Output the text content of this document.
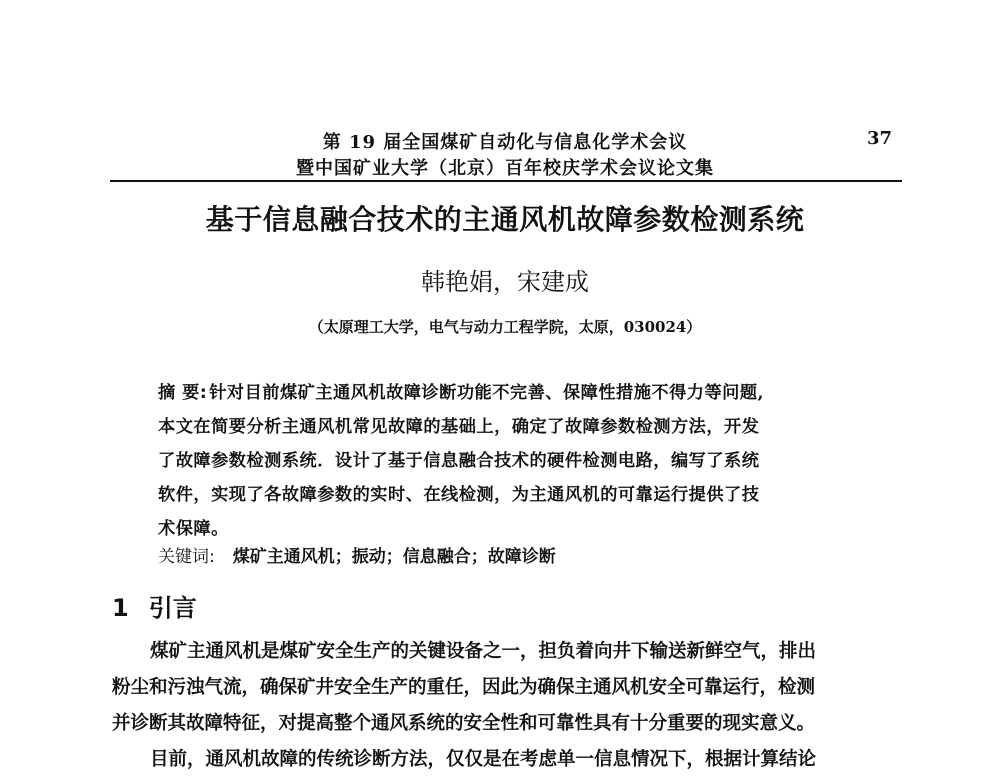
第 19 届全国煤矿自动化与信息化学术会议
暨中国矿业大学（北京）百年校庆学术会议论文集
37
基于信息融合技术的主通风机故障参数检测系统
韩艳娟，宋建成
（太原理工大学，电气与动力工程学院，太原，030024）
摘 要: 针对目前煤矿主通风机故障诊断功能不完善、保障性措施不得力等问题,
本文在简要分析主通风机常见故障的基础上，确定了故障参数检测方法，开发
了故障参数检测系统．设计了基于信息融合技术的硬件检测电路，编写了系统
软件，实现了各故障参数的实时、在线检测，为主通风机的可靠运行提供了技
术保障。
关键词: 煤矿主通风机；振动；信息融合；故障诊断
1 引言
煤矿主通风机是煤矿安全生产的关键设备之一，担负着向井下输送新鲜空气，排出
粉尘和污浊气流，确保矿井安全生产的重任，因此为确保主通风机安全可靠运行，检测
并诊断其故障特征，对提高整个通风系统的安全性和可靠性具有十分重要的现实意义。
目前，通风机故障的传统诊断方法，仅仅是在考虑单一信息情况下，根据计算结论
